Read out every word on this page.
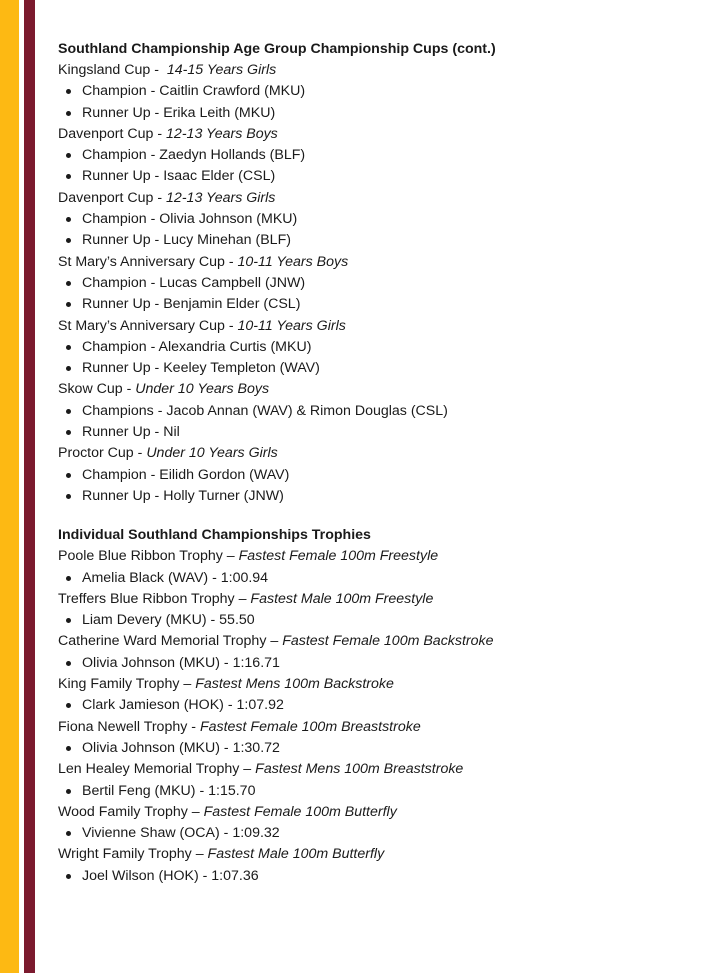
Southland Championship Age Group Championship Cups (cont.)
Kingsland Cup -  14-15 Years Girls
Champion - Caitlin Crawford (MKU)
Runner Up - Erika Leith (MKU)
Davenport Cup - 12-13 Years Boys
Champion - Zaedyn Hollands (BLF)
Runner Up - Isaac Elder (CSL)
Davenport Cup - 12-13 Years Girls
Champion - Olivia Johnson (MKU)
Runner Up - Lucy Minehan (BLF)
St Mary’s Anniversary Cup - 10-11 Years Boys
Champion - Lucas Campbell (JNW)
Runner Up - Benjamin Elder (CSL)
St Mary’s Anniversary Cup - 10-11 Years Girls
Champion - Alexandria Curtis (MKU)
Runner Up - Keeley Templeton (WAV)
Skow Cup - Under 10 Years Boys
Champions - Jacob Annan (WAV) & Rimon Douglas (CSL)
Runner Up - Nil
Proctor Cup - Under 10 Years Girls
Champion - Eilidh Gordon (WAV)
Runner Up - Holly Turner (JNW)
Individual Southland Championships Trophies
Poole Blue Ribbon Trophy – Fastest Female 100m Freestyle
Amelia Black (WAV) - 1:00.94
Treffers Blue Ribbon Trophy – Fastest Male 100m Freestyle
Liam Devery (MKU) - 55.50
Catherine Ward Memorial Trophy – Fastest Female 100m Backstroke
Olivia Johnson (MKU) - 1:16.71
King Family Trophy – Fastest Mens 100m Backstroke
Clark Jamieson (HOK) - 1:07.92
Fiona Newell Trophy - Fastest Female 100m Breaststroke
Olivia Johnson (MKU) - 1:30.72
Len Healey Memorial Trophy – Fastest Mens 100m Breaststroke
Bertil Feng (MKU) - 1:15.70
Wood Family Trophy – Fastest Female 100m Butterfly
Vivienne Shaw (OCA) - 1:09.32
Wright Family Trophy – Fastest Male 100m Butterfly
Joel Wilson (HOK) - 1:07.36
